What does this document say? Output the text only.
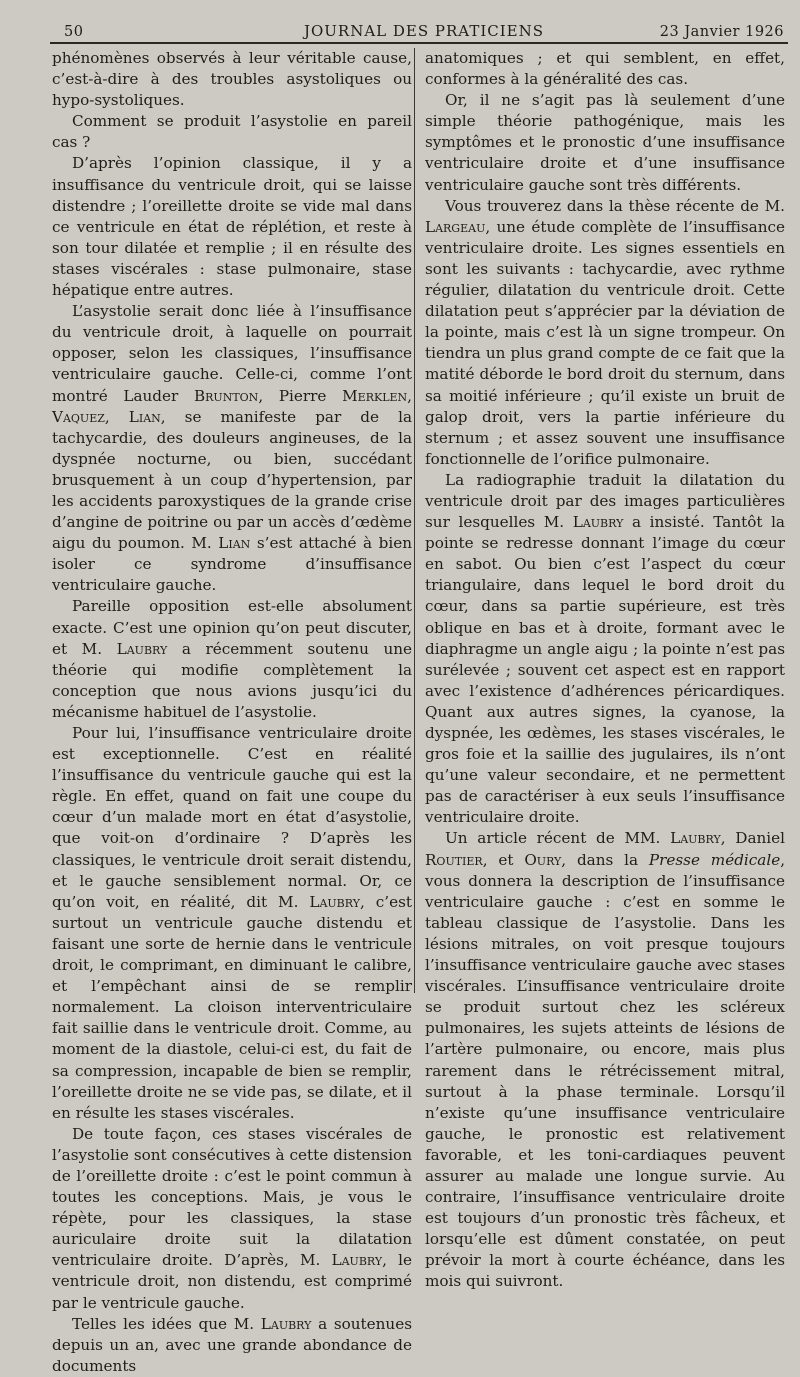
50	JOURNAL DES PRATICIENS	23 Janvier 1926

phénomènes observés à leur véritable cause, c’est-à-dire à des troubles asystoliques ou hypo-systoliques.

Comment se produit l’asystolie en pareil cas ?

D’après l’opinion classique, il y a insuffisance du ventricule droit, qui se laisse distendre ; l’oreillette droite se vide mal dans ce ventricule en état de réplétion, et reste à son tour dilatée et remplie ; il en résulte des stases viscérales : stase pulmonaire, stase hépatique entre autres.

L’asystolie serait donc liée à l’insuffisance du ventricule droit, à laquelle on pourrait opposer, selon les classiques, l’insuffisance ventriculaire gauche. Celle-ci, comme l’ont montré Lauder Brunton, Pierre Merklen, Vaquez, Lian, se manifeste par de la tachycardie, des douleurs angineuses, de la dyspnée nocturne, ou bien, succédant brusquement à un coup d’hypertension, par les accidents paroxystiques de la grande crise d’angine de poitrine ou par un accès d’œdème aigu du poumon. M. Lian s’est attaché à bien isoler ce syndrome d’insuffisance ventriculaire gauche.

Pareille opposition est-elle absolument exacte. C’est une opinion qu’on peut discuter, et M. Laubry a récemment soutenu une théorie qui modifie complètement la conception que nous avions jusqu’ici du mécanisme habituel de l’asystolie.

Pour lui, l’insuffisance ventriculaire droite est exceptionnelle. C’est en réalité l’insuffisance du ventricule gauche qui est la règle. En effet, quand on fait une coupe du cœur d’un malade mort en état d’asystolie, que voit-on d’ordinaire ? D’après les classiques, le ventricule droit serait distendu, et le gauche sensiblement normal. Or, ce qu’on voit, en réalité, dit M. Laubry, c’est surtout un ventricule gauche distendu et faisant une sorte de hernie dans le ventricule droit, le comprimant, en diminuant le calibre, et l’empêchant ainsi de se remplir normalement. La cloison interventriculaire fait saillie dans le ventricule droit. Comme, au moment de la diastole, celui-ci est, du fait de sa compression, incapable de bien se remplir, l’oreillette droite ne se vide pas, se dilate, et il en résulte les stases viscérales.

De toute façon, ces stases viscérales de l’asystolie sont consécutives à cette distension de l’oreillette droite : c’est le point commun à toutes les conceptions. Mais, je vous le répète, pour les classiques, la stase auriculaire droite suit la dilatation ventriculaire droite. D’après, M. Laubry, le ventricule droit, non distendu, est comprimé par le ventricule gauche.

Telles les idées que M. Laubry a soutenues depuis un an, avec une grande abondance de documents

anatomiques ; et qui semblent, en effet, conformes à la généralité des cas.

Or, il ne s’agit pas là seulement d’une simple théorie pathogénique, mais les symptômes et le pronostic d’une insuffisance ventriculaire droite et d’une insuffisance ventriculaire gauche sont très différents.

Vous trouverez dans la thèse récente de M. Largeau, une étude complète de l’insuffisance ventriculaire droite. Les signes essentiels en sont les suivants : tachycardie, avec rythme régulier, dilatation du ventricule droit. Cette dilatation peut s’apprécier par la déviation de la pointe, mais c’est là un signe trompeur. On tiendra un plus grand compte de ce fait que la matité déborde le bord droit du sternum, dans sa moitié inférieure ; qu’il existe un bruit de galop droit, vers la partie inférieure du sternum ; et assez souvent une insuffisance fonctionnelle de l’orifice pulmonaire.

La radiographie traduit la dilatation du ventricule droit par des images particulières sur lesquelles M. Laubry a insisté. Tantôt la pointe se redresse donnant l’image du cœur en sabot. Ou bien c’est l’aspect du cœur triangulaire, dans lequel le bord droit du cœur, dans sa partie supérieure, est très oblique en bas et à droite, formant avec le diaphragme un angle aigu ; la pointe n’est pas surélevée ; souvent cet aspect est en rapport avec l’existence d’adhérences péricardiques. Quant aux autres signes, la cyanose, la dyspnée, les œdèmes, les stases viscérales, le gros foie et la saillie des jugulaires, ils n’ont qu’une valeur secondaire, et ne permettent pas de caractériser à eux seuls l’insuffisance ventriculaire droite.

Un article récent de MM. Laubry, Daniel Routier, et Oury, dans la Presse médicale, vous donnera la description de l’insuffisance ventriculaire gauche : c’est en somme le tableau classique de l’asystolie. Dans les lésions mitrales, on voit presque toujours l’insuffisance ventriculaire gauche avec stases viscérales. L’insuffisance ventriculaire droite se produit surtout chez les scléreux pulmonaires, les sujets atteints de lésions de l’artère pulmonaire, ou encore, mais plus rarement dans le rétrécissement mitral, surtout à la phase terminale. Lorsqu’il n’existe qu’une insuffisance ventriculaire gauche, le pronostic est relativement favorable, et les toni-cardiaques peuvent assurer au malade une longue survie. Au contraire, l’insuffisance ventriculaire droite est toujours d’un pronostic très fâcheux, et lorsqu’elle est dûment constatée, on peut prévoir la mort à courte échéance, dans les mois qui suivront.
